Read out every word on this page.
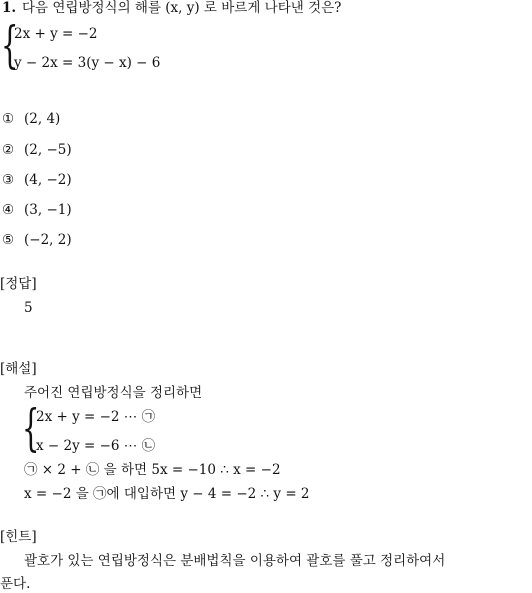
1. 다음 연립방정식의 해를 (x, y) 로 바르게 나타낸 것은?
{
2x + y = −2
y − 2x = 3(y − x) − 6
① (2, 4)
② (2, −5)
③ (4, −2)
④ (3, −1)
⑤ (−2, 2)
[정답]
5
[해설]
주어진 연립방정식을 정리하면
{
2x + y = −2 ⋯ ㉠
x − 2y = −6 ⋯ ㉡
㉠ × 2 + ㉡ 을 하면 5x = −10 ∴ x = −2
x = −2 을 ㉠에 대입하면 y − 4 = −2 ∴ y = 2
[힌트]
괄호가 있는 연립방정식은 분배법칙을 이용하여 괄호를 풀고 정리하여서
푼다.
